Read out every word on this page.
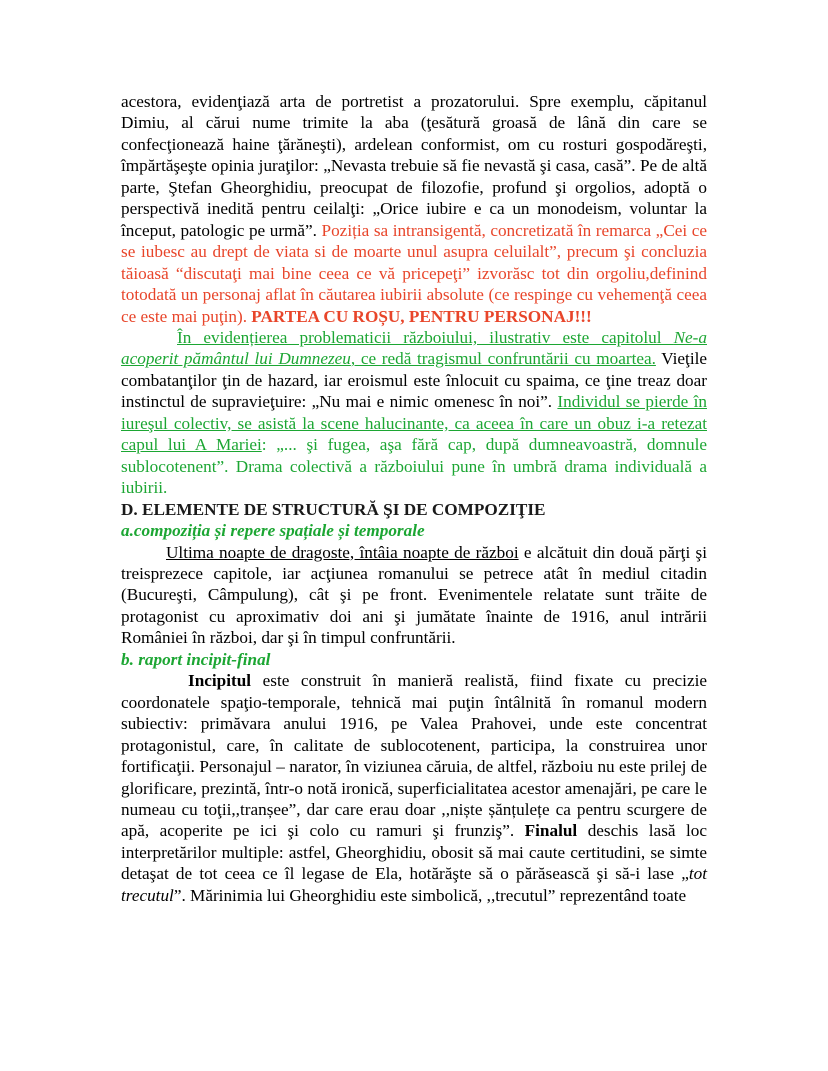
acestora, evidenţiază arta de portretist a prozatorului. Spre exemplu, căpitanul Dimiu, al cărui nume trimite la aba (ţesătură groasă de lână din care se confecţionează haine ţărăneşti), ardelean conformist, om cu rosturi gospodăreşti, împărtăşeşte opinia juraţilor: „Nevasta trebuie să fie nevastă şi casa, casă”. Pe de altă parte, Ştefan Gheorghidiu, preocupat de filozofie, profund şi orgolios, adoptă o perspectivă inedită pentru ceilalţi: „Orice iubire e ca un monodeism, voluntar la început, patologic pe urmă”. Poziția sa intransigentă, concretizată în remarca „Cei ce se iubesc au drept de viata si de moarte unul asupra celuilalt”, precum şi concluzia tăioasă “discutaţi mai bine ceea ce vă pricepeţi” izvorăsc tot din orgoliu,definind totodată un personaj aflat în căutarea iubirii absolute (ce respinge cu vehemenţă ceea ce este mai puţin). PARTEA CU ROȘU, PENTRU PERSONAJ!!!

În evidențierea problematicii războiului, ilustrativ este capitolul Ne-a acoperit pământul lui Dumnezeu, ce redă tragismul confruntării cu moartea. Vieţile combatanţilor ţin de hazard, iar eroismul este înlocuit cu spaima, ce ţine treaz doar instinctul de supravieţuire: „Nu mai e nimic omenesc în noi”. Individul se pierde în iureşul colectiv, se asistă la scene halucinante, ca aceea în care un obuz i-a retezat capul lui A Mariei: „... şi fugea, aşa fără cap, după dumneavoastră, domnule sublocotenent”. Drama colectivă a războiului pune în umbră drama individuală a iubirii.

D. ELEMENTE DE STRUCTURĂ ŞI DE COMPOZIŢIE

a.compoziția și repere spațiale și temporale

Ultima noapte de dragoste, întâia noapte de război e alcătuit din două părţi şi treisprezece capitole, iar acţiunea romanului se petrece atât în mediul citadin (Bucureşti, Câmpulung), cât şi pe front. Evenimentele relatate sunt trăite de protagonist cu aproximativ doi ani şi jumătate înainte de 1916, anul intrării României în război, dar şi în timpul confruntării.

b. raport incipit-final

Incipitul este construit în manieră realistă, fiind fixate cu precizie coordonatele spaţio-temporale, tehnică mai puţin întâlnită în romanul modern subiectiv: primăvara anului 1916, pe Valea Prahovei, unde este concentrat protagonistul, care, în calitate de sublocotenent, participa, la construirea unor fortificaţii. Personajul – narator, în viziunea căruia, de altfel, războiu nu este prilej de glorificare, prezintă, într-o notă ironică, superficialitatea acestor amenajări, pe care le numeau cu toţii,,tranșee”, dar care erau doar ,,niște șănțulețe ca pentru scurgere de apă, acoperite pe ici şi colo cu ramuri şi frunziş”. Finalul deschis lasă loc interpretărilor multiple: astfel, Gheorghidiu, obosit să mai caute certitudini, se simte detaşat de tot ceea ce îl legase de Ela, hotărăşte să o părăsească şi să-i lase „tot trecutul”. Mărinimia lui Gheorghidiu este simbolică, ,,trecutul” reprezentând toate
